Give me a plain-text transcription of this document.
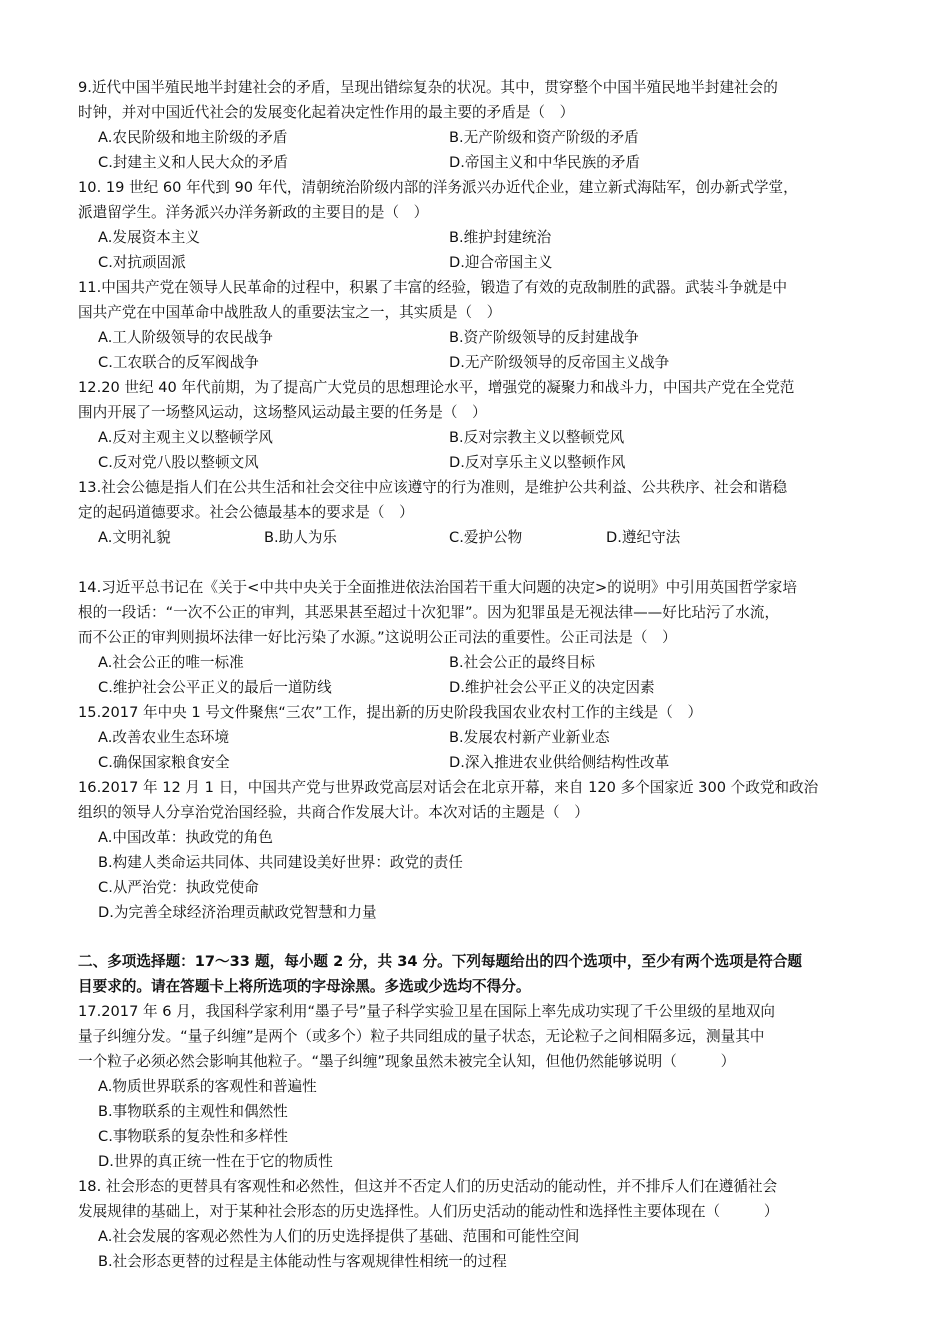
9.近代中国半殖民地半封建社会的矛盾，呈现出错综复杂的状况。其中，贯穿整个中国半殖民地半封建社会的
时钟，并对中国近代社会的发展变化起着决定性作用的最主要的矛盾是（　）
A.农民阶级和地主阶级的矛盾	B.无产阶级和资产阶级的矛盾
C.封建主义和人民大众的矛盾	D.帝国主义和中华民族的矛盾
10. 19 世纪 60 年代到 90 年代，清朝统治阶级内部的洋务派兴办近代企业，建立新式海陆军，创办新式学堂，
派遣留学生。洋务派兴办洋务新政的主要目的是（　）
A.发展资本主义	B.维护封建统治
C.对抗顽固派	D.迎合帝国主义
11.中国共产党在领导人民革命的过程中，积累了丰富的经验，锻造了有效的克敌制胜的武器。武装斗争就是中
国共产党在中国革命中战胜敌人的重要法宝之一，其实质是（　）
A.工人阶级领导的农民战争	B.资产阶级领导的反封建战争
C.工农联合的反军阀战争	D.无产阶级领导的反帝国主义战争
12.20 世纪 40 年代前期，为了提高广大党员的思想理论水平，增强党的凝聚力和战斗力，中国共产党在全党范
围内开展了一场整风运动，这场整风运动最主要的任务是（　）
A.反对主观主义以整顿学风	B.反对宗教主义以整顿党风
C.反对党八股以整顿文风	D.反对享乐主义以整顿作风
13.社会公德是指人们在公共生活和社会交往中应该遵守的行为准则，是维护公共利益、公共秩序、社会和谐稳
定的起码道德要求。社会公德最基本的要求是（　）
A.文明礼貌	B.助人为乐	C.爱护公物	D.遵纪守法
14.习近平总书记在《关于<中共中央关于全面推进依法治国若干重大问题的决定>的说明》中引用英国哲学家培
根的一段话：“一次不公正的审判，其恶果甚至超过十次犯罪”。因为犯罪虽是无视法律——好比玷污了水流，
而不公正的审判则损坏法律一好比污染了水源。”这说明公正司法的重要性。公正司法是（　）
A.社会公正的唯一标准	B.社会公正的最终目标
C.维护社会公平正义的最后一道防线	D.维护社会公平正义的决定因素
15.2017 年中央 1 号文件聚焦“三农”工作，提出新的历史阶段我国农业农村工作的主线是（　）
A.改善农业生态环境	B.发展农村新产业新业态
C.确保国家粮食安全	D.深入推进农业供给侧结构性改革
16.2017 年 12 月 1 日，中国共产党与世界政党高层对话会在北京开幕，来自 120 多个国家近 300 个政党和政治
组织的领导人分享治党治国经验，共商合作发展大计。本次对话的主题是（　）
A.中国改革：执政党的角色
B.构建人类命运共同体、共同建设美好世界：政党的责任
C.从严治党：执政党使命
D.为完善全球经济治理贡献政党智慧和力量
二、多项选择题：17～33 题，每小题 2 分，共 34 分。下列每题给出的四个选项中，至少有两个选项是符合题
目要求的。请在答题卡上将所选项的字母涂黑。多选或少选均不得分。
17.2017 年 6 月，我国科学家利用“墨子号”量子科学实验卫星在国际上率先成功实现了千公里级的星地双向
量子纠缠分发。“量子纠缠”是两个（或多个）粒子共同组成的量子状态，无论粒子之间相隔多远，测量其中
一个粒子必须必然会影响其他粒子。“墨子纠缠”现象虽然未被完全认知，但他仍然能够说明（　　　）
A.物质世界联系的客观性和普遍性
B.事物联系的主观性和偶然性
C.事物联系的复杂性和多样性
D.世界的真正统一性在于它的物质性
18. 社会形态的更替具有客观性和必然性，但这并不否定人们的历史活动的能动性，并不排斥人们在遵循社会
发展规律的基础上，对于某种社会形态的历史选择性。人们历史活动的能动性和选择性主要体现在（　　　）
A.社会发展的客观必然性为人们的历史选择提供了基础、范围和可能性空间
B.社会形态更替的过程是主体能动性与客观规律性相统一的过程
